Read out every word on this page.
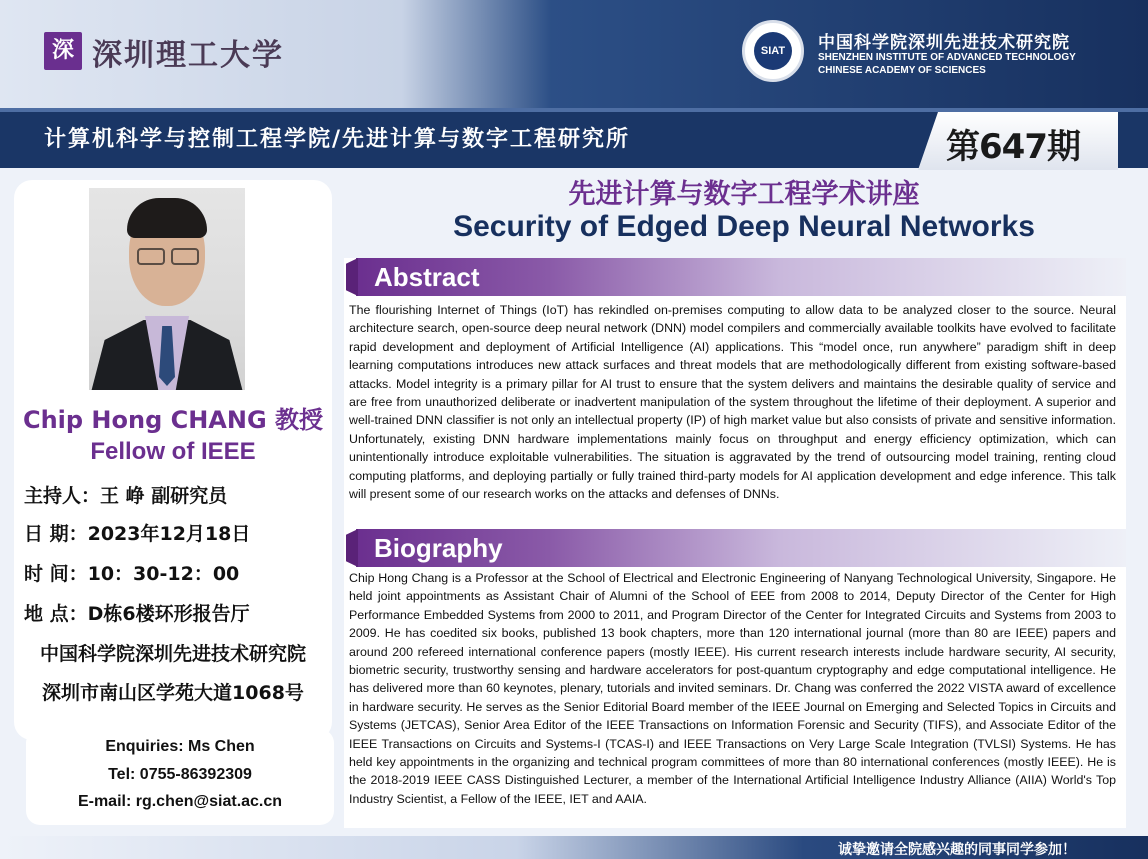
深 深圳理工大学	SIAT	中国科学院深圳先进技术研究院
SHENZHEN INSTITUTE OF ADVANCED TECHNOLOGY
CHINESE ACADEMY OF SCIENCES
计算机科学与控制工程学院/先进计算与数字工程研究所	第647期
Chip Hong CHANG 教授
Fellow of IEEE
主持人：王 峥 副研究员
日 期：2023年12月18日
时 间：10：30-12：00
地 点：D栋6楼环形报告厅
中国科学院深圳先进技术研究院
深圳市南山区学苑大道1068号
Enquiries: Ms Chen
Tel: 0755-86392309
E-mail: rg.chen@siat.ac.cn
先进计算与数字工程学术讲座
Security of Edged Deep Neural Networks
Abstract
The flourishing Internet of Things (IoT) has rekindled on-premises computing to allow data to be analyzed closer to the source. Neural architecture search, open-source deep neural network (DNN) model compilers and commercially available toolkits have evolved to facilitate rapid development and deployment of Artificial Intelligence (AI) applications. This “model once, run anywhere” paradigm shift in deep learning computations introduces new attack surfaces and threat models that are methodologically different from existing software-based attacks. Model integrity is a primary pillar for AI trust to ensure that the system delivers and maintains the desirable quality of service and are free from unauthorized deliberate or inadvertent manipulation of the system throughout the lifetime of their deployment. A superior and well-trained DNN classifier is not only an intellectual property (IP) of high market value but also consists of private and sensitive information. Unfortunately, existing DNN hardware implementations mainly focus on throughput and energy efficiency optimization, which can unintentionally introduce exploitable vulnerabilities. The situation is aggravated by the trend of outsourcing model training, renting cloud computing platforms, and deploying partially or fully trained third-party models for AI application development and edge inference. This talk will present some of our research works on the attacks and defenses of DNNs.
Biography
Chip Hong Chang is a Professor at the School of Electrical and Electronic Engineering of Nanyang Technological University, Singapore. He held joint appointments as Assistant Chair of Alumni of the School of EEE from 2008 to 2014, Deputy Director of the Center for High Performance Embedded Systems from 2000 to 2011, and Program Director of the Center for Integrated Circuits and Systems from 2003 to 2009. He has coedited six books, published 13 book chapters, more than 120 international journal (more than 80 are IEEE) papers and around 200 refereed international conference papers (mostly IEEE). His current research interests include hardware security, AI security, biometric security, trustworthy sensing and hardware accelerators for post-quantum cryptography and edge computational intelligence. He has delivered more than 60 keynotes, plenary, tutorials and invited seminars. Dr. Chang was conferred the 2022 VISTA award of excellence in hardware security. He serves as the Senior Editorial Board member of the IEEE Journal on Emerging and Selected Topics in Circuits and Systems (JETCAS), Senior Area Editor of the IEEE Transactions on Information Forensic and Security (TIFS), and Associate Editor of the IEEE Transactions on Circuits and Systems-I (TCAS-I) and IEEE Transactions on Very Large Scale Integration (TVLSI) Systems. He has held key appointments in the organizing and technical program committees of more than 80 international conferences (mostly IEEE). He is the 2018-2019 IEEE CASS Distinguished Lecturer, a member of the International Artificial Intelligence Industry Alliance (AIIA) World's Top Industry Scientist, a Fellow of the IEEE, IET and AAIA.
诚挚邀请全院感兴趣的同事同学参加！
